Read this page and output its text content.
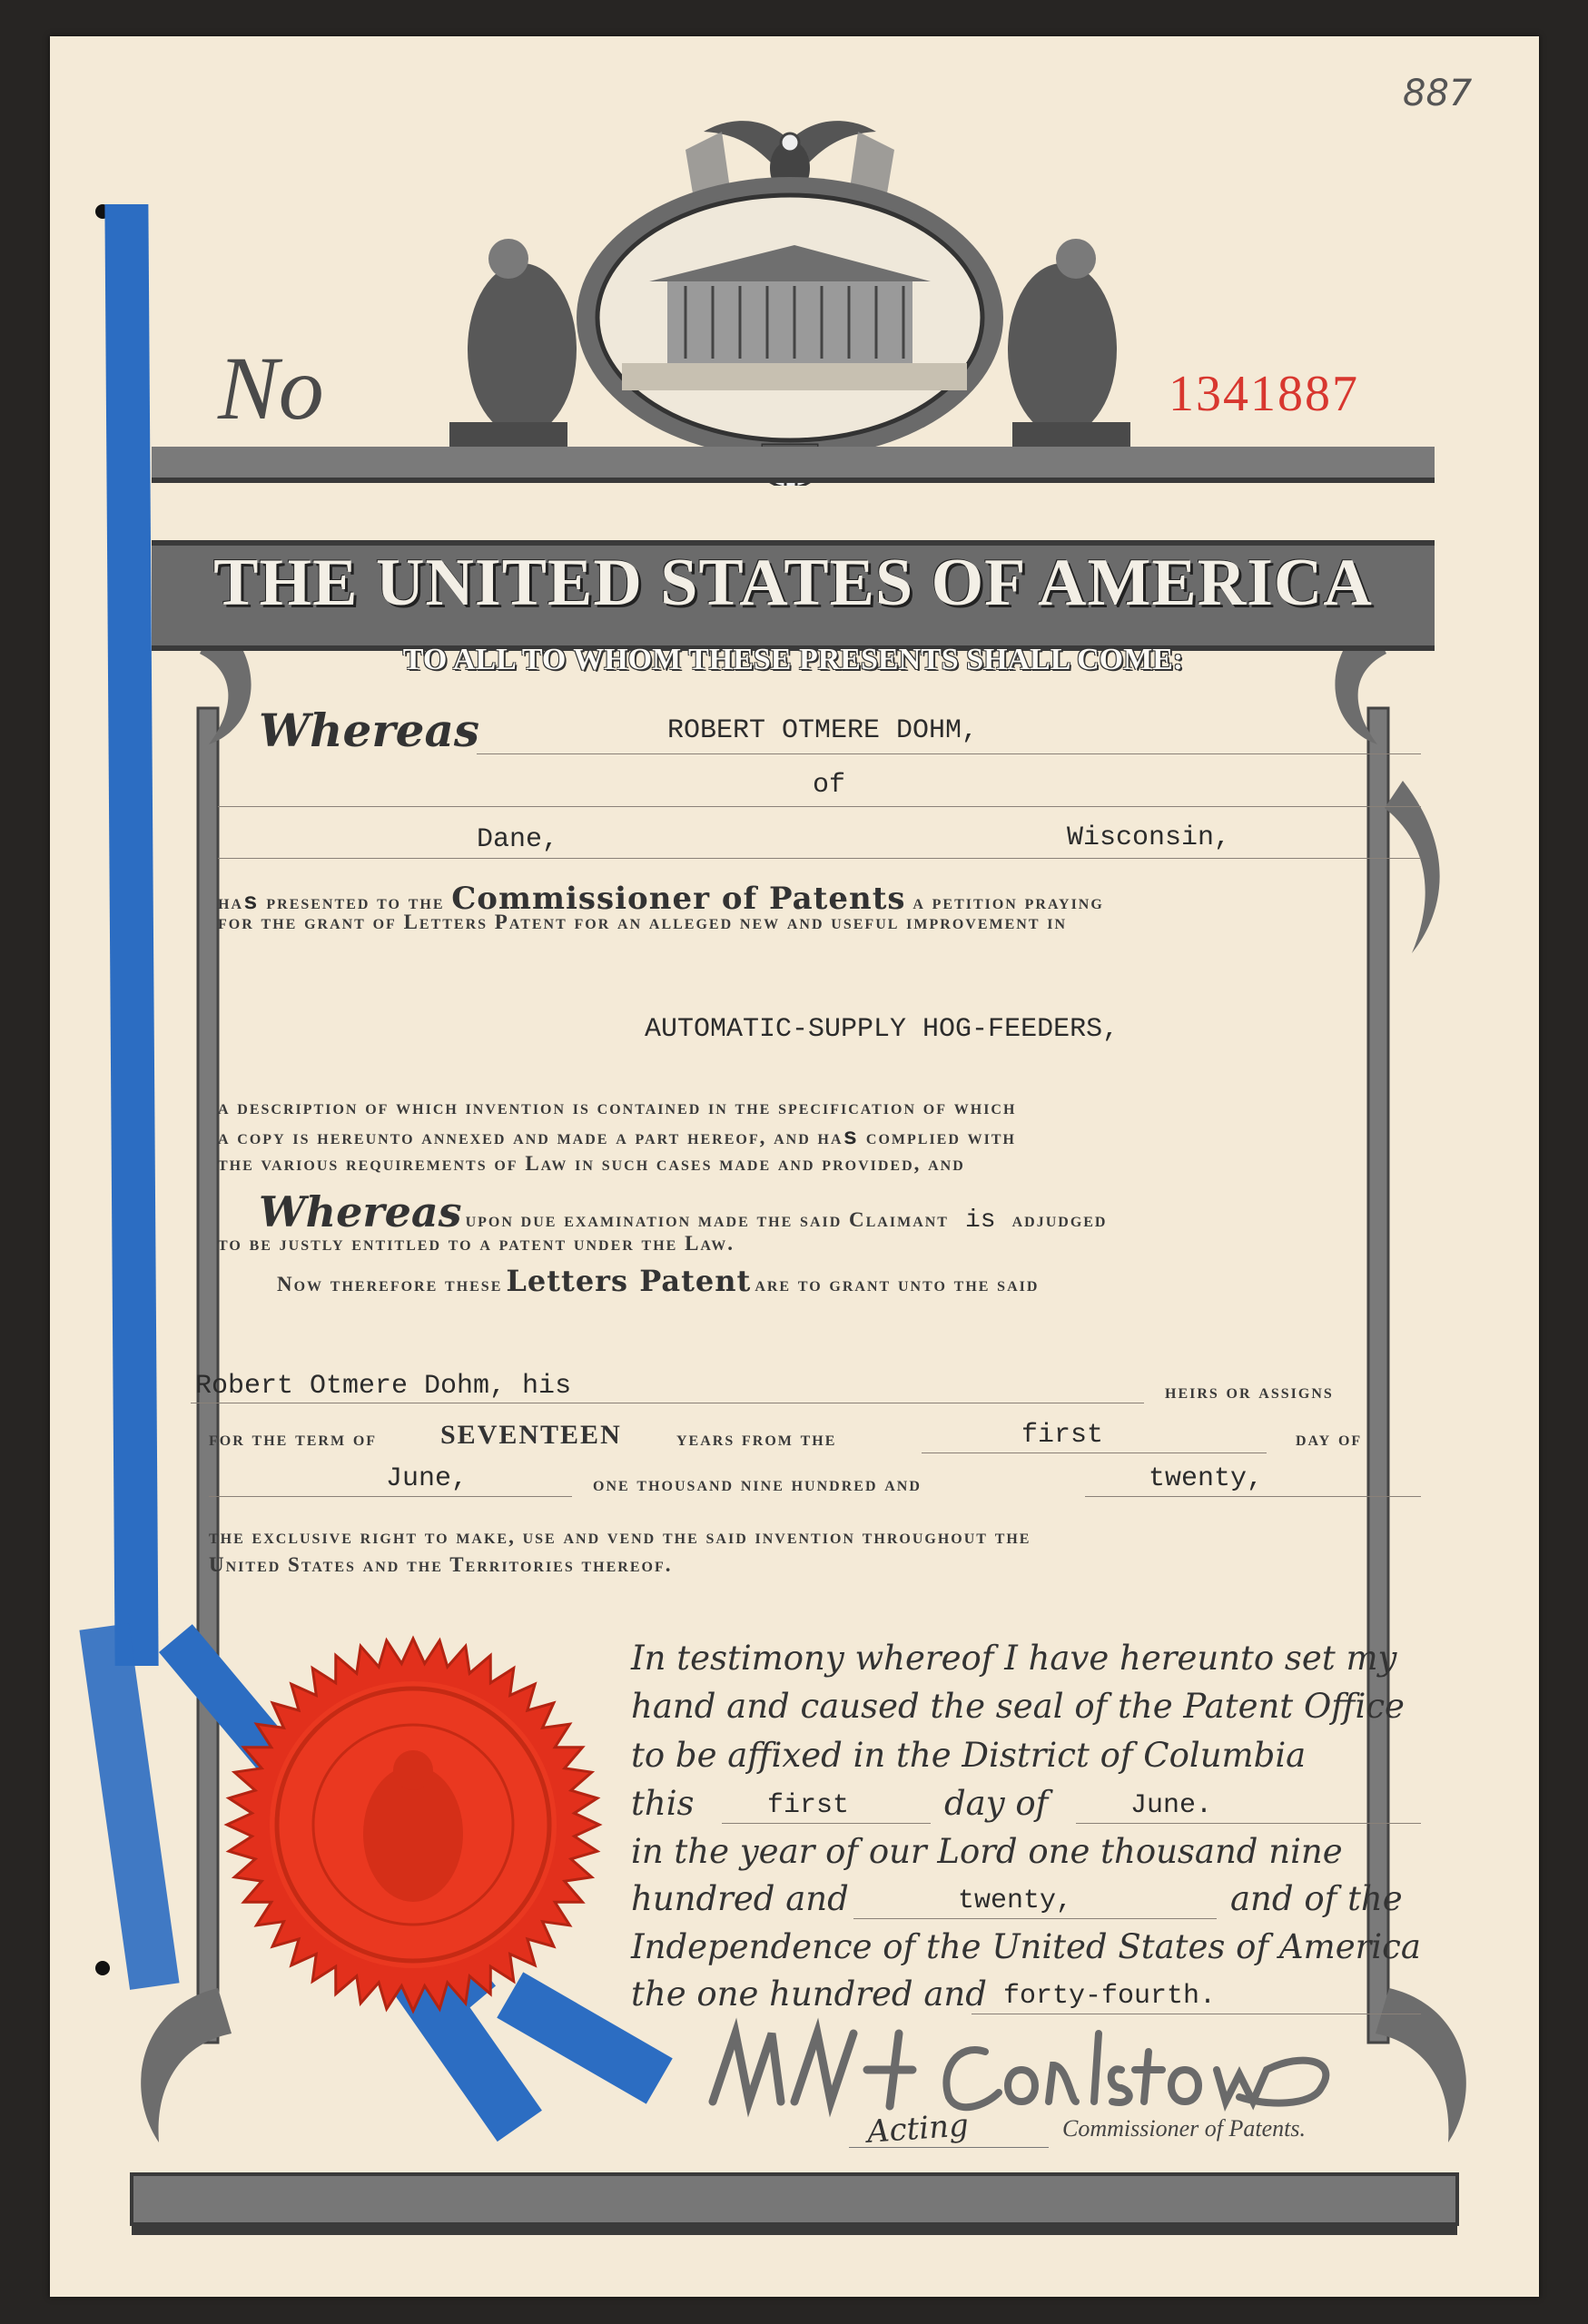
887
No	1341887
THE UNITED STATES OF AMERICA
TO ALL TO WHOM THESE PRESENTS SHALL COME:
Whereas	ROBERT OTMERE DOHM,
of
Dane,	Wisconsin,
has presented to the Commissioner of Patents a petition praying
for the grant of Letters Patent for an alleged new and useful improvement in
AUTOMATIC-SUPPLY HOG-FEEDERS,
a description of which invention is contained in the specification of which
a copy is hereunto annexed and made a part hereof, and has complied with
the various requirements of Law in such cases made and provided, and
Whereas upon due examination made the said Claimant is adjudged
to be justly entitled to a patent under the Law.
Now therefore these Letters Patent are to grant unto the said
Robert Otmere Dohm, his	heirs or assigns
for the term of SEVENTEEN	years from the	first	day of
June,	one thousand nine hundred and	twenty,
the exclusive right to make, use and vend the said invention throughout the
United States and the Territories thereof.
In testimony whereof I have hereunto set my
hand and caused the seal of the Patent Office
to be affixed in the District of Columbia
this	first	day of	June.
in the year of our Lord one thousand nine
hundred and	twenty,	and of the
Independence of the United States of America
the one hundred and forty-fourth.
Acting	Commissioner of Patents.
